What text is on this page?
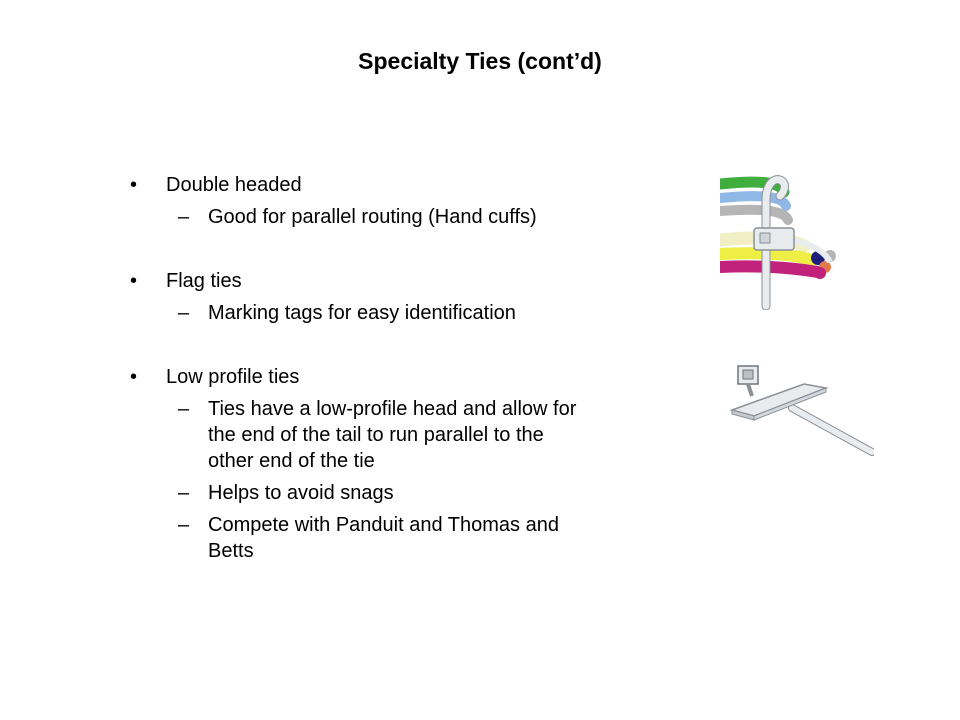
Specialty Ties (cont’d)
• Double headed
– Good for parallel routing (Hand cuffs)
• Flag ties
– Marking tags for easy identification
• Low profile ties
– Ties have a low-profile head and allow for the end of the tail to run parallel to the other end of the tie
– Helps to avoid snags
– Compete with Panduit and Thomas and Betts
